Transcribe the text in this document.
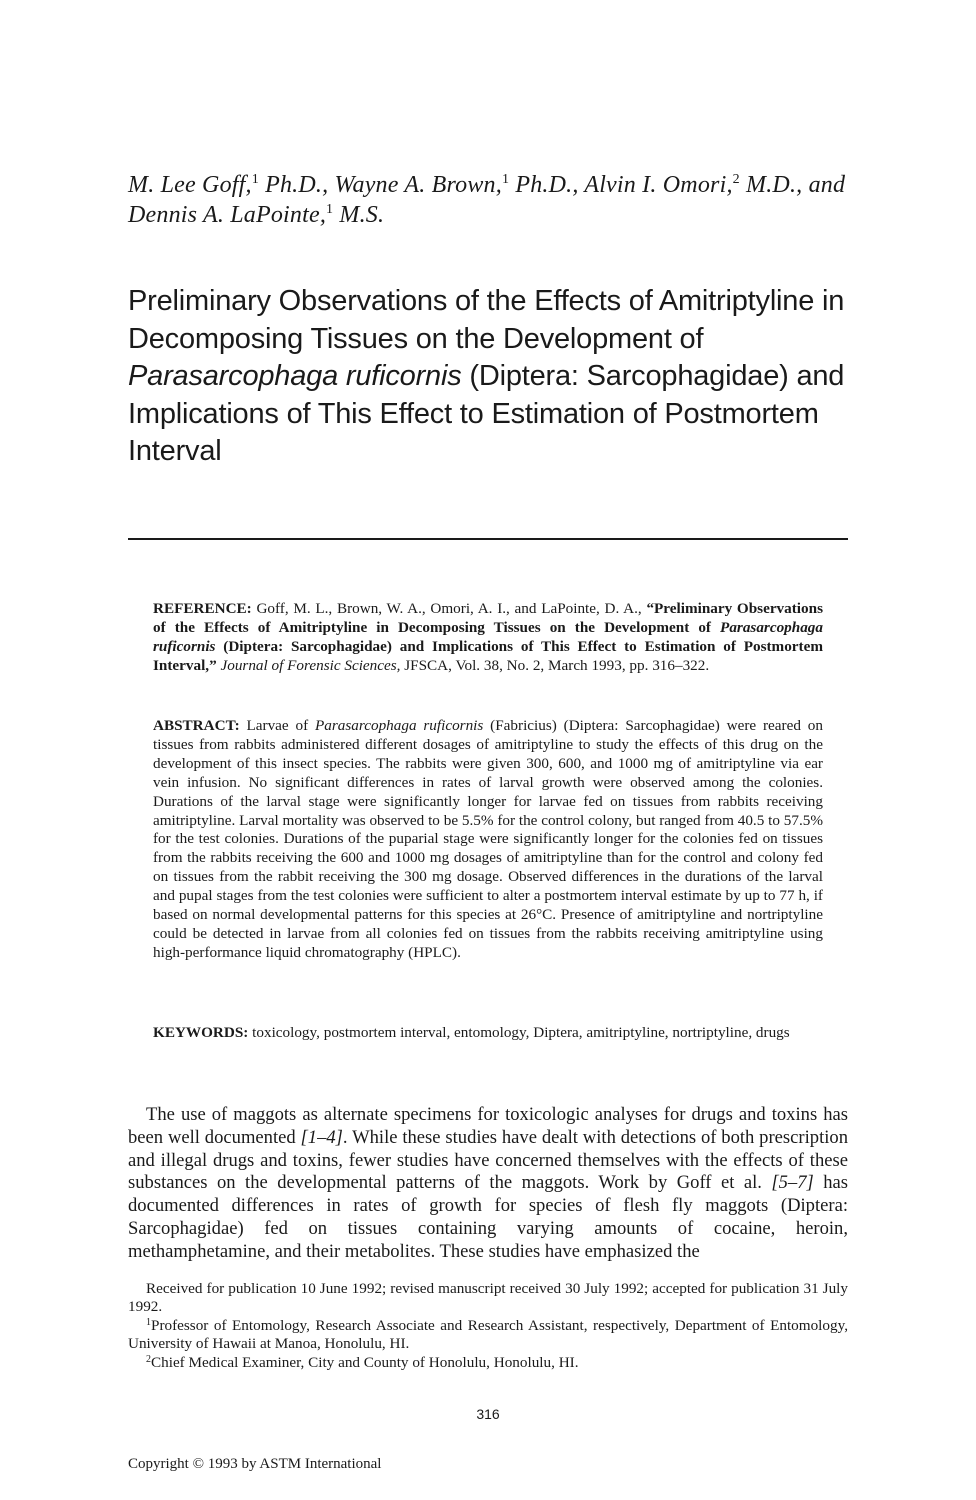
M. Lee Goff,$^1$ Ph.D., Wayne A. Brown,$^1$ Ph.D., Alvin I. Omori,$^2$ M.D., and Dennis A. LaPointe,$^1$ M.S.
Preliminary Observations of the Effects of Amitriptyline in Decomposing Tissues on the Development of Parasarcophaga ruficornis (Diptera: Sarcophagidae) and Implications of This Effect to Estimation of Postmortem Interval

REFERENCE: Goff, M. L., Brown, W. A., Omori, A. I., and LaPointe, D. A., “Preliminary Observations of the Effects of Amitriptyline in Decomposing Tissues on the Development of Parasarcophaga ruficornis (Diptera: Sarcophagidae) and Implications of This Effect to Estimation of Postmortem Interval,” Journal of Forensic Sciences, JFSCA, Vol. 38, No. 2, March 1993, pp. 316–322.

ABSTRACT: Larvae of Parasarcophaga ruficornis (Fabricius) (Diptera: Sarcophagidae) were reared on tissues from rabbits administered different dosages of amitriptyline to study the effects of this drug on the development of this insect species. The rabbits were given 300, 600, and 1000 mg of amitriptyline via ear vein infusion. No significant differences in rates of larval growth were observed among the colonies. Durations of the larval stage were significantly longer for larvae fed on tissues from rabbits receiving amitriptyline. Larval mortality was observed to be 5.5% for the control colony, but ranged from 40.5 to 57.5% for the test colonies. Durations of the puparial stage were significantly longer for the colonies fed on tissues from the rabbits receiving the 600 and 1000 mg dosages of amitriptyline than for the control and colony fed on tissues from the rabbit receiving the 300 mg dosage. Observed differences in the durations of the larval and pupal stages from the test colonies were sufficient to alter a postmortem interval estimate by up to 77 h, if based on normal developmental patterns for this species at 26°C. Presence of amitriptyline and nortriptyline could be detected in larvae from all colonies fed on tissues from the rabbits receiving amitriptyline using high-performance liquid chromatography (HPLC).

KEYWORDS: toxicology, postmortem interval, entomology, Diptera, amitriptyline, nortriptyline, drugs

The use of maggots as alternate specimens for toxicologic analyses for drugs and toxins has been well documented [1–4]. While these studies have dealt with detections of both prescription and illegal drugs and toxins, fewer studies have concerned themselves with the effects of these substances on the developmental patterns of the maggots. Work by Goff et al. [5–7] has documented differences in rates of growth for species of flesh fly maggots (Diptera: Sarcophagidae) fed on tissues containing varying amounts of cocaine, heroin, methamphetamine, and their metabolites. These studies have emphasized the

Received for publication 10 June 1992; revised manuscript received 30 July 1992; accepted for publication 31 July 1992.

$^1$Professor of Entomology, Research Associate and Research Assistant, respectively, Department of Entomology, University of Hawaii at Manoa, Honolulu, HI.

$^2$Chief Medical Examiner, City and County of Honolulu, Honolulu, HI.

316
Copyright © 1993 by ASTM International
